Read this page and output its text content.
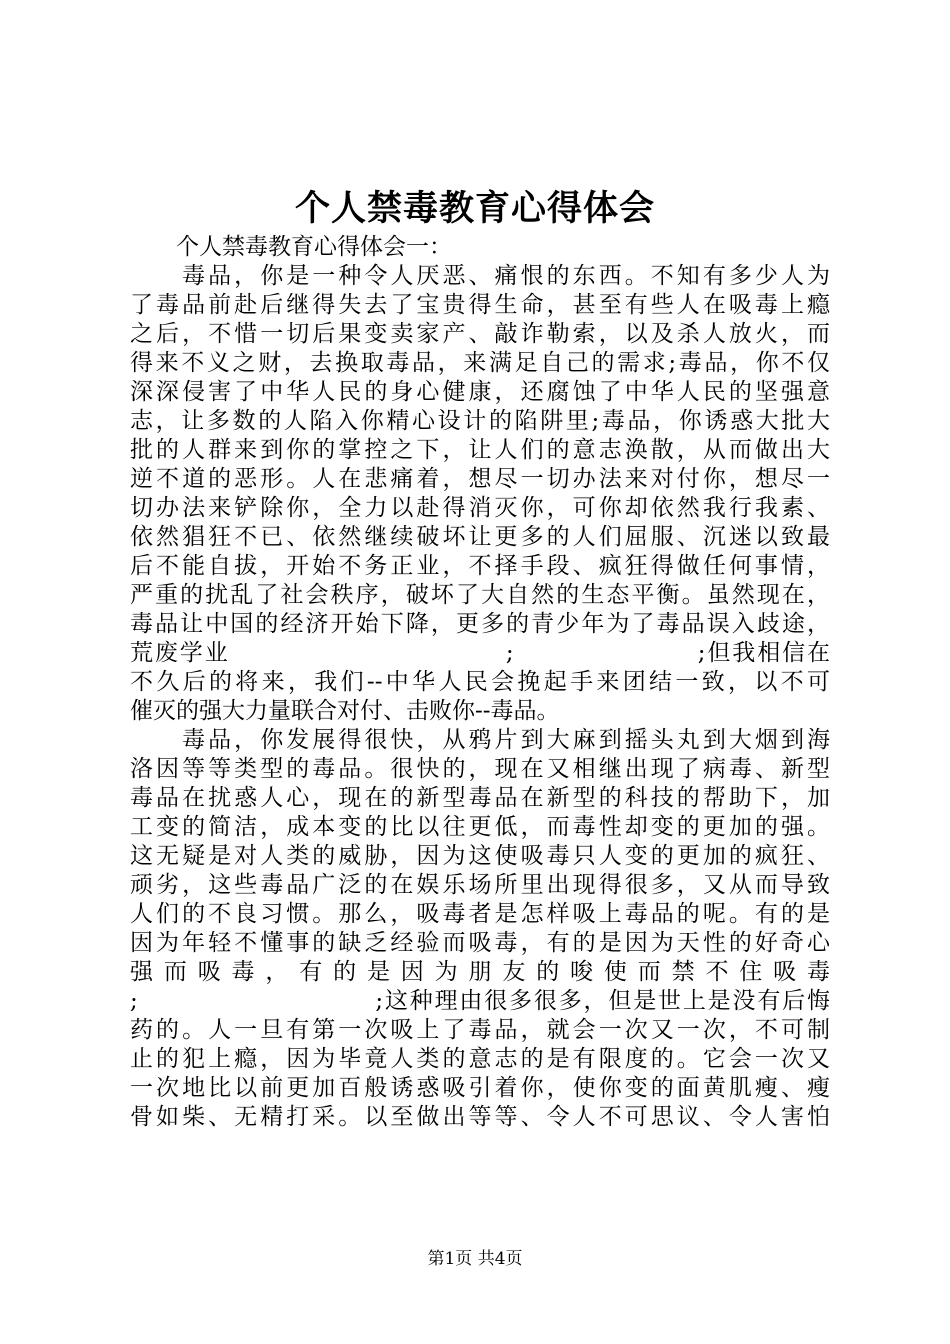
个人禁毒教育心得体会
　　个人禁毒教育心得体会一：
　　毒品，你是一种令人厌恶、痛恨的东西。不知有多少人为
了毒品前赴后继得失去了宝贵得生命，甚至有些人在吸毒上瘾
之后，不惜一切后果变卖家产、敲诈勒索，以及杀人放火，而
得来不义之财，去换取毒品，来满足自己的需求;毒品，你不仅
深深侵害了中华人民的身心健康，还腐蚀了中华人民的坚强意
志，让多数的人陷入你精心设计的陷阱里;毒品，你诱惑大批大
批的人群来到你的掌控之下，让人们的意志涣散，从而做出大
逆不道的恶形。人在悲痛着，想尽一切办法来对付你，想尽一
切办法来铲除你，全力以赴得消灭你，可你却依然我行我素、
依然猖狂不已、依然继续破坏让更多的人们屈服、沉迷以致最
后不能自拔，开始不务正业，不择手段、疯狂得做任何事情，
严重的扰乱了社会秩序，破坏了大自然的生态平衡。虽然现在，
毒品让中国的经济开始下降，更多的青少年为了毒品误入歧途，
荒废学业                              ;                    ;但我相信在
不久后的将来，我们--中华人民会挽起手来团结一致，以不可
催灭的强大力量联合对付、击败你--毒品。
　　毒品，你发展得很快，从鸦片到大麻到摇头丸到大烟到海
洛因等等类型的毒品。很快的，现在又相继出现了病毒、新型
毒品在扰惑人心，现在的新型毒品在新型的科技的帮助下，加
工变的简洁，成本变的比以往更低，而毒性却变的更加的强。
这无疑是对人类的威胁，因为这使吸毒只人变的更加的疯狂、
顽劣，这些毒品广泛的在娱乐场所里出现得很多，又从而导致
人们的不良习惯。那么，吸毒者是怎样吸上毒品的呢。有的是
因为年轻不懂事的缺乏经验而吸毒，有的是因为天性的好奇心
强 而 吸 毒 ， 有 的 是 因 为 朋 友 的 唆 使 而 禁 不 住 吸 毒
;                          ;这种理由很多很多，但是世上是没有后悔
药的。人一旦有第一次吸上了毒品，就会一次又一次，不可制
止的犯上瘾，因为毕竟人类的意志的是有限度的。它会一次又
一次地比以前更加百般诱惑吸引着你，使你变的面黄肌瘦、瘦
骨如柴、无精打采。以至做出等等、令人不可思议、令人害怕
第1页 共4页
